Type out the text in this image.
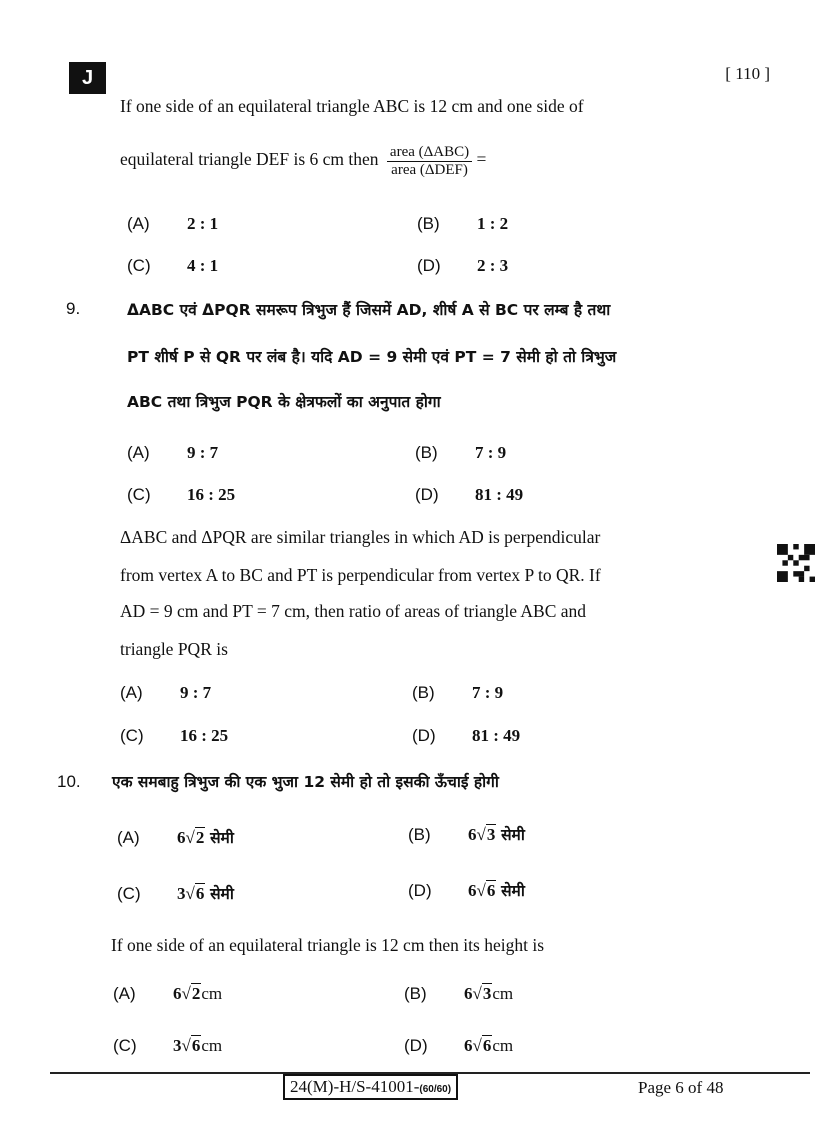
J	[ 110 ]
If one side of an equilateral triangle ABC is 12 cm and one side of
equilateral triangle DEF is 6 cm then $\frac{\text{area (ΔABC)}}{\text{area (ΔDEF)}}$ =
(A) 2 : 1	(B) 1 : 2
(C) 4 : 1	(D) 2 : 3
9.	ΔABC एवं ΔPQR समरूप त्रिभुज हैं जिसमें AD, शीर्ष A से BC पर लम्ब है तथा
PT शीर्ष P से QR पर लंब है। यदि AD = 9 सेमी एवं PT = 7 सेमी हो तो त्रिभुज
ABC तथा त्रिभुज PQR के क्षेत्रफलों का अनुपात होगा
(A) 9 : 7	(B) 7 : 9
(C) 16 : 25	(D) 81 : 49
ΔABC and ΔPQR are similar triangles in which AD is perpendicular
from vertex A to BC and PT is perpendicular from vertex P to QR. If
AD = 9 cm and PT = 7 cm, then ratio of areas of triangle ABC and
triangle PQR is
(A) 9 : 7	(B) 7 : 9
(C) 16 : 25	(D) 81 : 49
10. एक समबाहु त्रिभुज की एक भुजा 12 सेमी हो तो इसकी ऊँचाई होगी
(A) 6√2 सेमी	(B) 6√3 सेमी
(C) 3√6 सेमी	(D) 6√6 सेमी
If one side of an equilateral triangle is 12 cm then its height is
(A) 6√2cm	(B) 6√3cm
(C) 3√6cm	(D) 6√6cm
24(M)-H/S-41001-(60/60)	Page 6 of 48
